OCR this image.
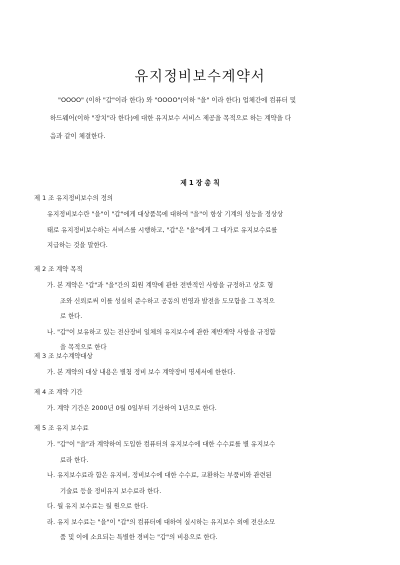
유지정비보수계약서

"OOOO" (이하 "갑"이라 한다) 와 "OOOO"(이하 "을" 이라 한다) 업체간에 컴퓨터 및

하드웨어(이하 "장치"라 한다)에 대한 유지보수 서비스 제공을 목적으로 하는 계약을 다

음과 같이 체결한다.

제 1 장 총 칙
제 1 조 유지정비보수의 정의
유지정비보수란 "을"이 "갑"에게 대상품목에 대하여 "을"이 항상 기계의 성능을 정상상
태로 유지정비보수하는 서비스를 시행하고, "갑"은 "을"에게 그 대가로 유지보수료를
지급하는 것을 말한다.
제 2 조 계약 목적
가. 본 계약은 "갑"과 "을"간의 회원 계약에 관한 전반적인 사항을 규정하고 상호 형
조와 신뢰로써 이를 성실히 준수하고 공동의 번영과 발전을 도모함을 그 목적으
로 한다.
나. "갑"이 보유하고 있는 전산장비 일체의 유지보수에 관한 제반계약 사항을 규정함
을 목적으로 한다
제 3 조 보수계약대상
가. 본 계약의 대상 내용은 별첨 정비 보수 계약장비 명세서에 한한다.
제 4 조 계약 기간
가. 계약 기간은 2000년 0월 0일부터 기산하여 1년으로 한다.
제 5 조 유지 보수료
가. "갑"이 "을"과 계약하여 도입한 컴퓨터의 유지보수에 대한 수수료를 별 유지보수
료라 한다.
나. 유지보수료라 함은 유지비, 정비보수에 대한 수수료, 교환하는 부품비와 관련된
기술료 등을 정비유지 보수료라 한다.
다. 월 유지 보수료는 월 원으로 한다.
라. 유지 보수료는 "을"이 "갑"의 컴퓨터에 대하여 실시하는 유지보수 외에 전산소모
품 및 이에 소요되는 특별한 경비는 "갑"의 비용으로 한다.
